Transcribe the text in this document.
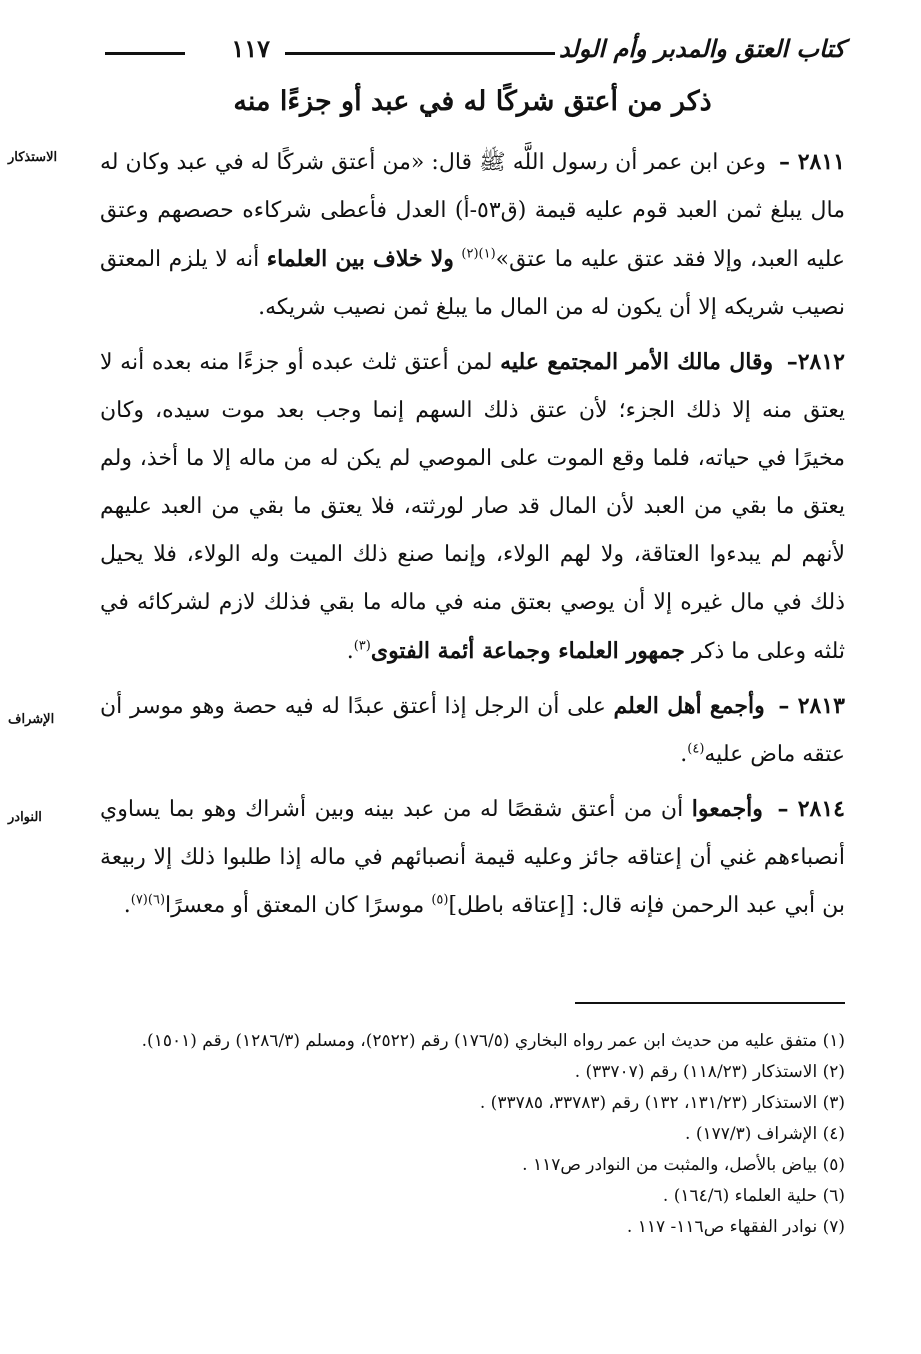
كتاب العتق والمدبر وأم الولد
١١٧
ذكر من أعتق شركًا له في عبد أو جزءًا منه
الاستذكار
الإشراف
النوادر

٢٨١١ – وعن ابن عمر أن رسول اللَّه ﷺ قال: «من أعتق شركًا له في عبد وكان له مال يبلغ ثمن العبد قوم عليه قيمة (ق٥٣-أ) العدل فأعطى شركاءه حصصهم وعتق عليه العبد، وإلا فقد عتق عليه ما عتق»$^{(١)(٢)}$ ولا خلاف بين العلماء أنه لا يلزم المعتق نصيب شريكه إلا أن يكون له من المال ما يبلغ ثمن نصيب شريكه.

٢٨١٢– وقال مالك الأمر المجتمع عليه لمن أعتق ثلث عبده أو جزءًا منه بعده أنه لا يعتق منه إلا ذلك الجزء؛ لأن عتق ذلك السهم إنما وجب بعد موت سيده، وكان مخيرًا في حياته، فلما وقع الموت على الموصي لم يكن له من ماله إلا ما أخذ، ولم يعتق ما بقي من العبد لأن المال قد صار لورثته، فلا يعتق ما بقي من العبد عليهم لأنهم لم يبدءوا العتاقة، ولا لهم الولاء، وإنما صنع ذلك الميت وله الولاء، فلا يحيل ذلك في مال غيره إلا أن يوصي بعتق منه في ماله ما بقي فذلك لازم لشركائه في ثلثه وعلى ما ذكر جمهور العلماء وجماعة أئمة الفتوى$^{(٣)}$.

٢٨١٣ – وأجمع أهل العلم على أن الرجل إذا أعتق عبدًا له فيه حصة وهو موسر أن عتقه ماض عليه$^{(٤)}$.

٢٨١٤ – وأجمعوا أن من أعتق شقصًا له من عبد بينه وبين أشراك وهو بما يساوي أنصباءهم غني أن إعتاقه جائز وعليه قيمة أنصبائهم في ماله إذا طلبوا ذلك إلا ربيعة بن أبي عبد الرحمن فإنه قال: [إعتاقه باطل]$^{(٥)}$ موسرًا كان المعتق أو معسرًا$^{(٦)(٧)}$.

(١) متفق عليه من حديث ابن عمر رواه البخاري (١٧٦/٥) رقم (٢٥٢٢)، ومسلم (١٢٨٦/٣) رقم (١٥٠١).

(٢) الاستذكار (١١٨/٢٣) رقم (٣٣٧٠٧) .

(٣) الاستذكار (١٣١/٢٣، ١٣٢) رقم (٣٣٧٨٣، ٣٣٧٨٥) .

(٤) الإشراف (١٧٧/٣) .

(٥) بياض بالأصل، والمثبت من النوادر ص١١٧ .

(٦) حلية العلماء (١٦٤/٦) .

(٧) نوادر الفقهاء ص١١٦- ١١٧ .
